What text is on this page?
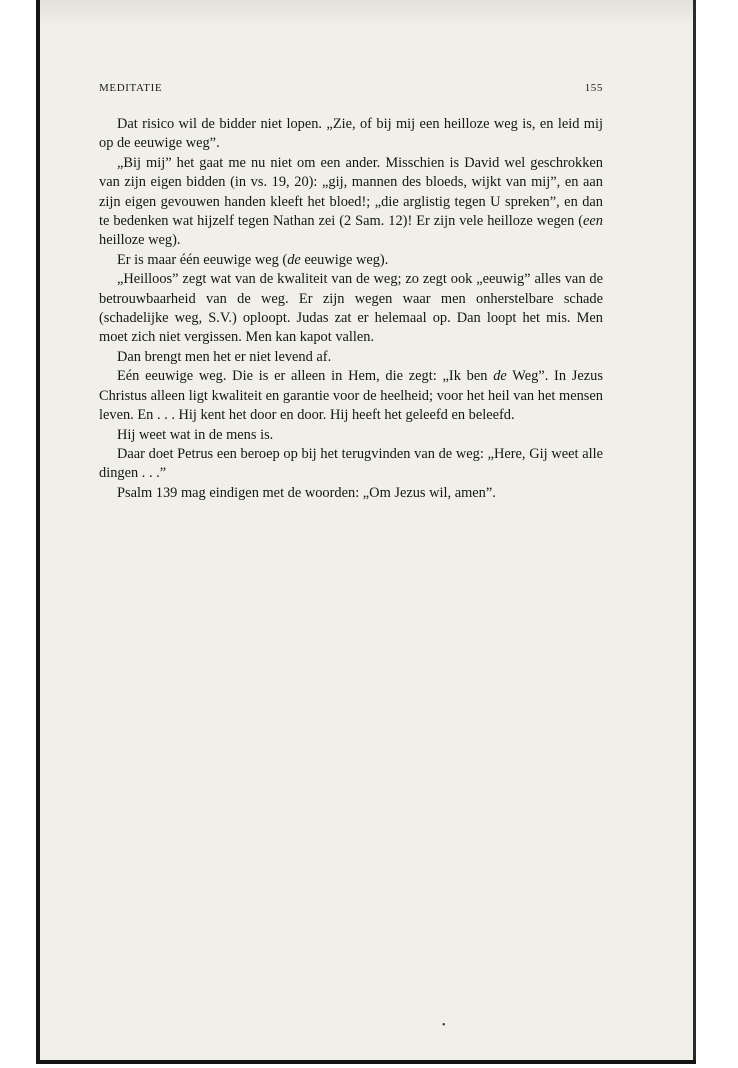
MEDITATIE	155

Dat risico wil de bidder niet lopen. „Zie, of bij mij een heilloze weg is, en leid mij op de eeuwige weg”.

„Bij mij” het gaat me nu niet om een ander. Misschien is David wel geschrokken van zijn eigen bidden (in vs. 19, 20): „gij, mannen des bloeds, wijkt van mij”, en aan zijn eigen gevouwen handen kleeft het bloed!; „die arglistig tegen U spreken”, en dan te bedenken wat hijzelf tegen Nathan zei (2 Sam. 12)! Er zijn vele heilloze wegen (een heilloze weg).

Er is maar één eeuwige weg (de eeuwige weg).

„Heilloos” zegt wat van de kwaliteit van de weg; zo zegt ook „eeuwig” alles van de betrouwbaarheid van de weg. Er zijn wegen waar men onherstelbare schade (schadelijke weg, S.V.) oploopt. Judas zat er helemaal op. Dan loopt het mis. Men moet zich niet vergissen. Men kan kapot vallen.

Dan brengt men het er niet levend af.

Eén eeuwige weg. Die is er alleen in Hem, die zegt: „Ik ben de Weg”. In Jezus Christus alleen ligt kwaliteit en garantie voor de heelheid; voor het heil van het mensen leven. En . . . Hij kent het door en door. Hij heeft het geleefd en beleefd.

Hij weet wat in de mens is.

Daar doet Petrus een beroep op bij het terugvinden van de weg: „Here, Gij weet alle dingen . . .”

Psalm 139 mag eindigen met de woorden: „Om Jezus wil, amen”.

•
